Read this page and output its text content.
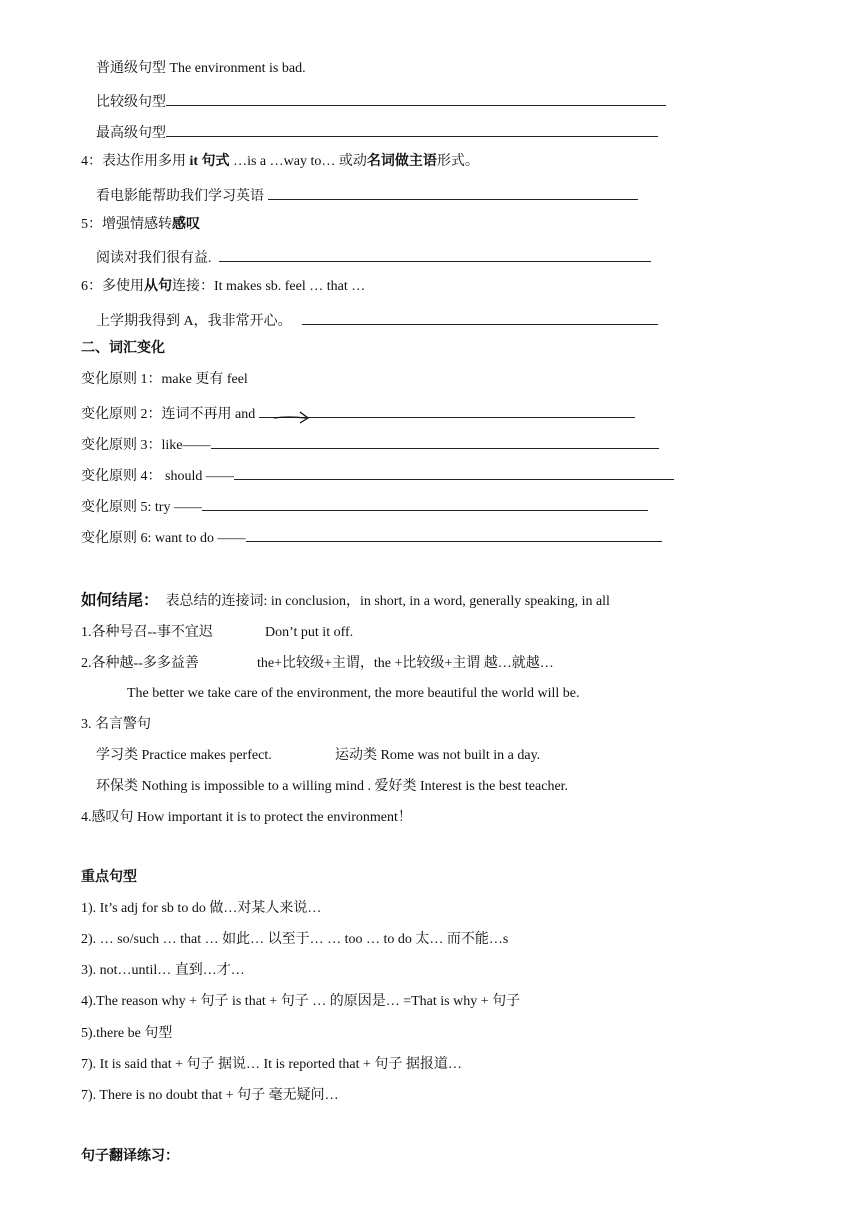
普通级句型 The environment is bad.
比较级句型
最高级句型
4：表达作用多用 it 句式 …is a …way to… 或动名词做主语形式。
看电影能帮助我们学习英语
5：增强情感转感叹
阅读对我们很有益.
6：多使用从句连接：It makes sb. feel … that …
上学期我得到 A，我非常开心。
二、词汇变化
变化原则 1：make 更有 feel
变化原则 2：连词不再用 and
变化原则 3：like——
变化原则 4： should ——
变化原则 5: try ——
变化原则 6: want to do ——
如何结尾： 表总结的连接词: in conclusion，in short, in a word, generally speaking, in all
1.各种号召--事不宜迟	Don’t put it off.
2.各种越--多多益善	the+比较级+主谓，the +比较级+主谓 越…就越…
The better we take care of the environment, the more beautiful the world will be.
3. 名言警句
学习类 Practice makes perfect.	运动类 Rome was not built in a day.
环保类 Nothing is impossible to a willing mind . 爱好类 Interest is the best teacher.
4.感叹句 How important it is to protect the environment！
重点句型
1). It’s adj for sb to do 做…对某人来说…
2). … so/such … that … 如此… 以至于… … too … to do 太… 而不能…s
3). not…until… 直到…才…
4).The reason why + 句子 is that + 句子 … 的原因是… =That is why + 句子
5).there be 句型
7). It is said that + 句子 据说… It is reported that + 句子 据报道…
7). There is no doubt that + 句子 毫无疑问…
句子翻译练习：
